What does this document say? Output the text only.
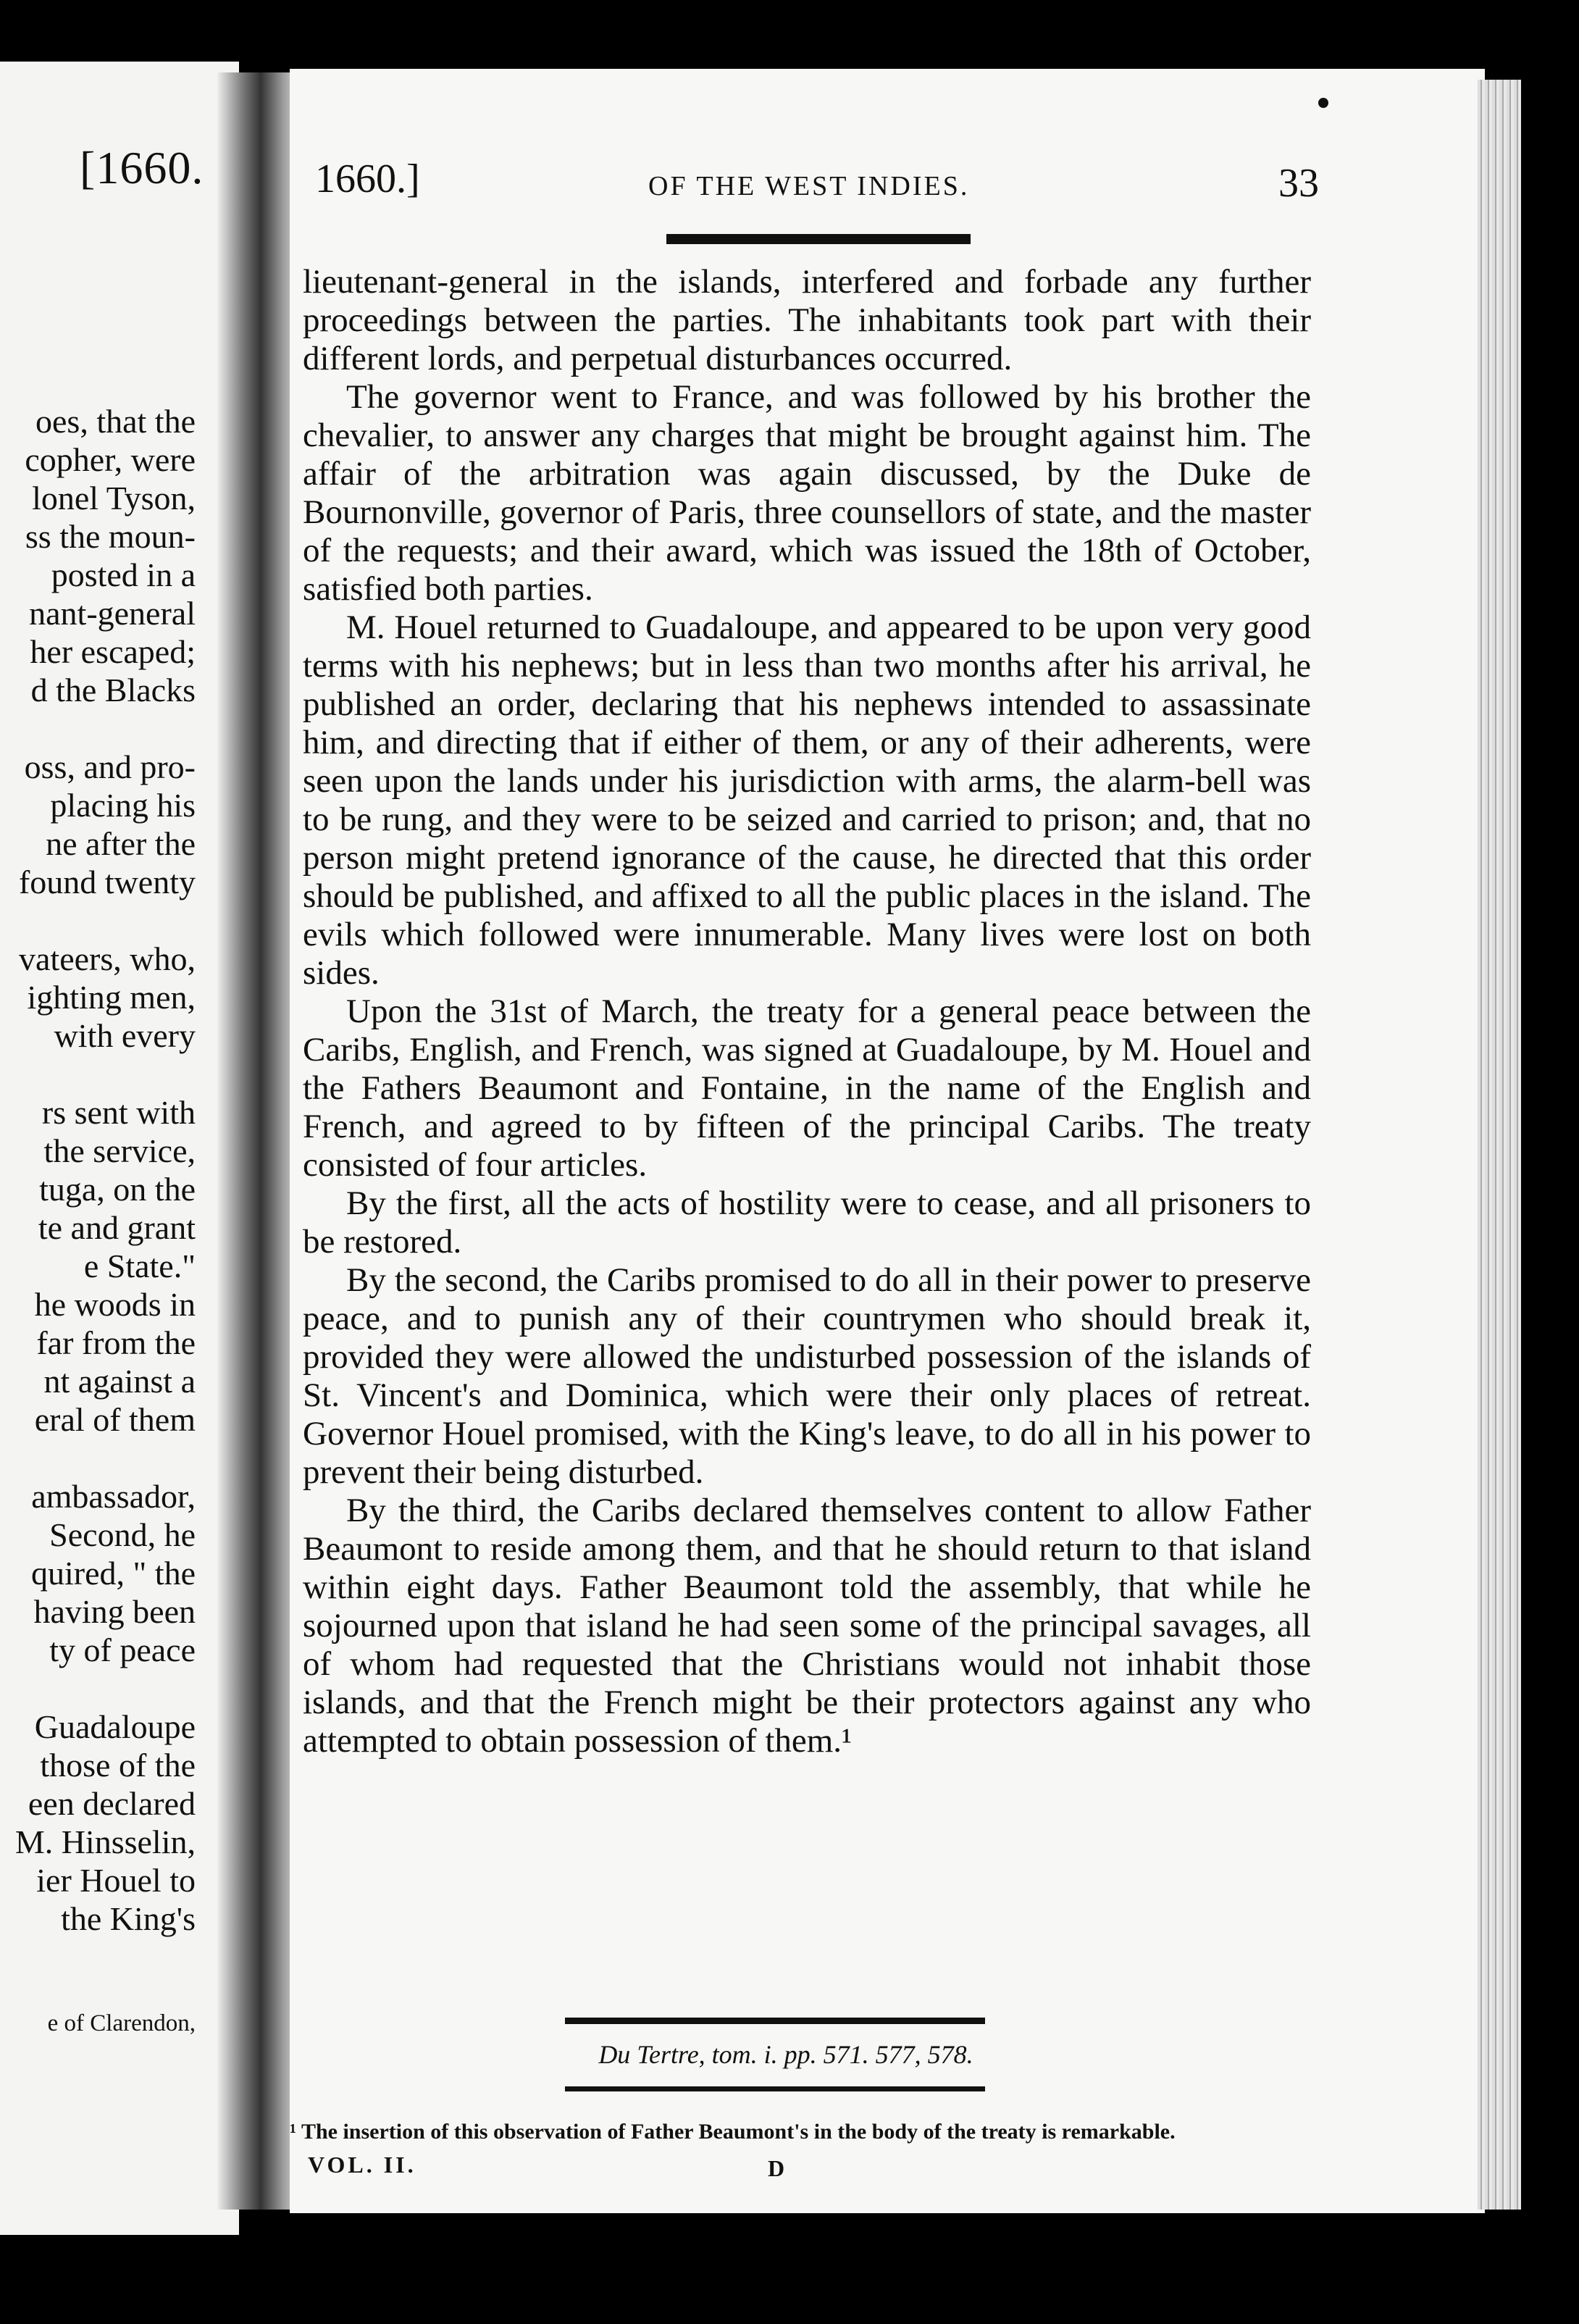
[1660.
oes, that the
copher, were
lonel Tyson,
ss the moun-
posted in a
nant-general
her escaped;
d the Blacks
oss, and pro-
placing his
ne after the
found twenty
vateers, who,
ighting men,
with every
rs sent with
the service,
tuga, on the
te and grant
e State."
he woods in
far from the
nt against a
eral of them
ambassador,
Second, he
quired, " the
having been
ty of peace
Guadaloupe
those of the
een declared
M. Hinsselin,
ier Houel to
the King's
e of Clarendon,
1660.]	OF THE WEST INDIES.	33

lieutenant-general in the islands, interfered and forbade any further proceedings between the parties. The inhabitants took part with their different lords, and perpetual disturbances occurred.

The governor went to France, and was followed by his brother the chevalier, to answer any charges that might be brought against him. The affair of the arbitration was again discussed, by the Duke de Bournonville, governor of Paris, three counsellors of state, and the master of the requests; and their award, which was issued the 18th of October, satisfied both parties.

M. Houel returned to Guadaloupe, and appeared to be upon very good terms with his nephews; but in less than two months after his arrival, he published an order, declaring that his nephews intended to assassinate him, and directing that if either of them, or any of their adherents, were seen upon the lands under his jurisdiction with arms, the alarm-bell was to be rung, and they were to be seized and carried to prison; and, that no person might pretend ignorance of the cause, he directed that this order should be published, and affixed to all the public places in the island. The evils which followed were innumerable. Many lives were lost on both sides.

Upon the 31st of March, the treaty for a general peace between the Caribs, English, and French, was signed at Guadaloupe, by M. Houel and the Fathers Beaumont and Fontaine, in the name of the English and French, and agreed to by fifteen of the principal Caribs. The treaty consisted of four articles.

By the first, all the acts of hostility were to cease, and all prisoners to be restored.

By the second, the Caribs promised to do all in their power to preserve peace, and to punish any of their countrymen who should break it, provided they were allowed the undisturbed possession of the islands of St. Vincent's and Dominica, which were their only places of retreat. Governor Houel promised, with the King's leave, to do all in his power to prevent their being disturbed.

By the third, the Caribs declared themselves content to allow Father Beaumont to reside among them, and that he should return to that island within eight days. Father Beaumont told the assembly, that while he sojourned upon that island he had seen some of the principal savages, all of whom had requested that the Christians would not inhabit those islands, and that the French might be their protectors against any who attempted to obtain possession of them.¹

Du Tertre, tom. i. pp. 571. 577, 578.
¹ The insertion of this observation of Father Beaumont's in the body of the treaty is remarkable.
VOL. II.	D
